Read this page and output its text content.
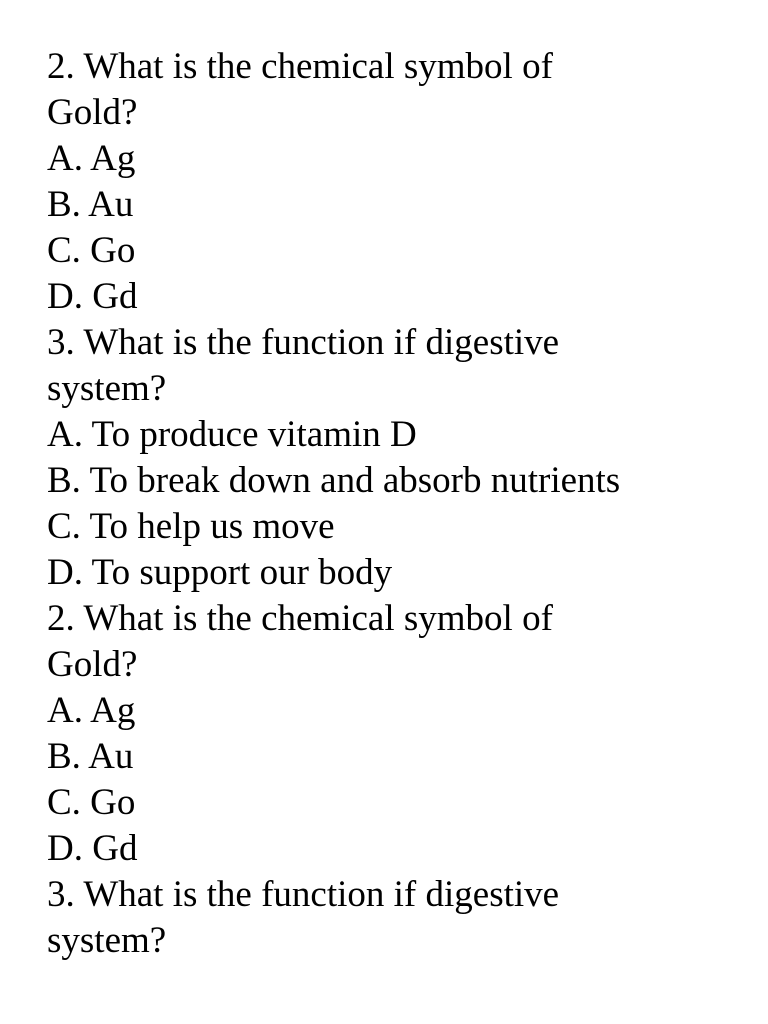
2. What is the chemical symbol of
Gold?
A. Ag
B. Au
C. Go
D. Gd
3. What is the function if digestive
system?
A. To produce vitamin D
B. To break down and absorb nutrients
C. To help us move
D. To support our body
2. What is the chemical symbol of
Gold?
A. Ag
B. Au
C. Go
D. Gd
3. What is the function if digestive
system?
